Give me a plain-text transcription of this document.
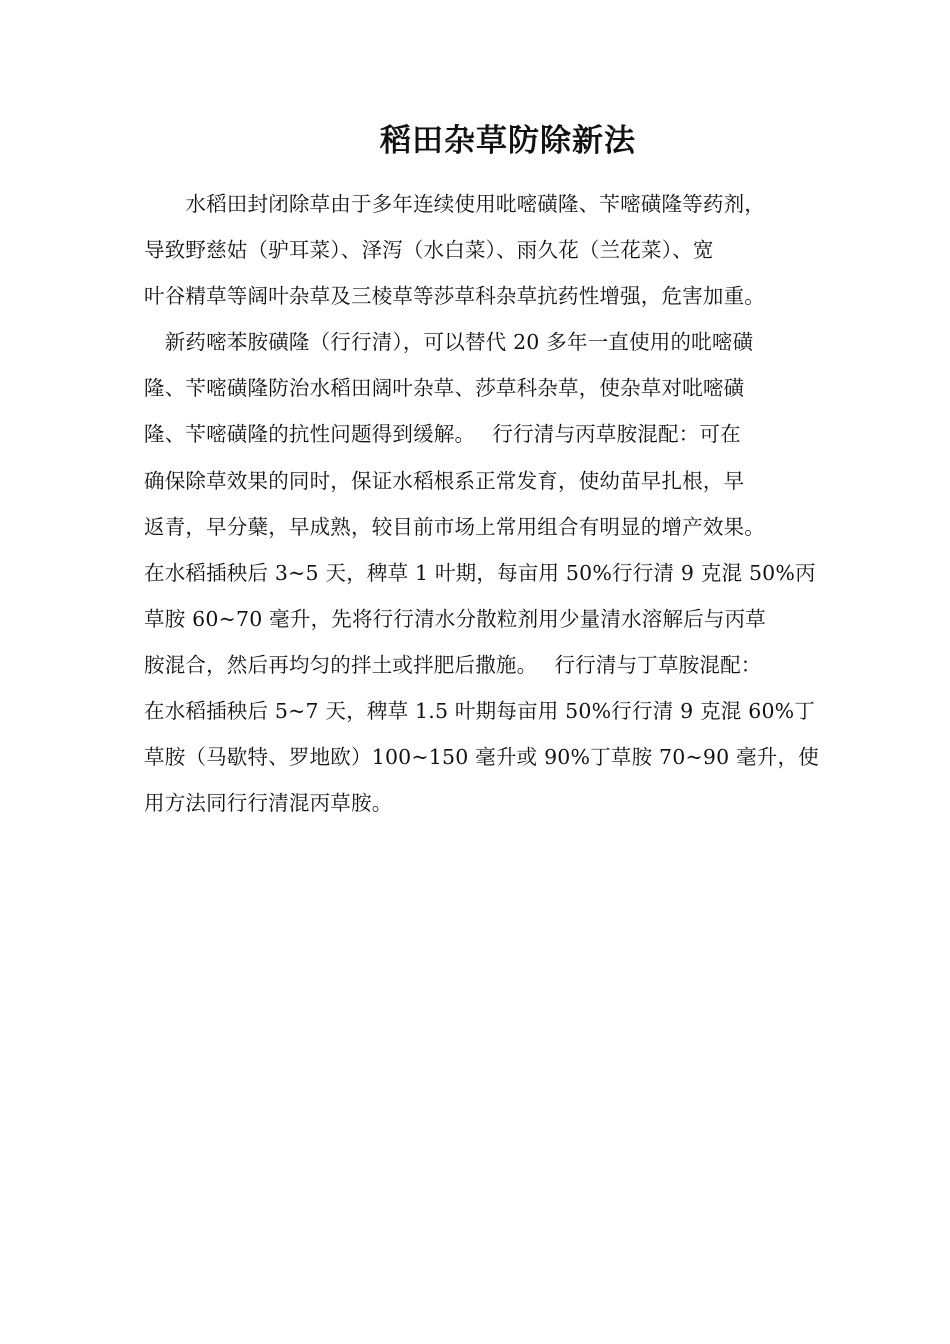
稻田杂草防除新法
　　水稻田封闭除草由于多年连续使用吡嘧磺隆、苄嘧磺隆等药剂，
导致野慈姑（驴耳菜）、泽泻（水白菜）、雨久花（兰花菜）、宽
叶谷精草等阔叶杂草及三棱草等莎草科杂草抗药性增强，危害加重。
　新药嘧苯胺磺隆（行行清），可以替代 20 多年一直使用的吡嘧磺
隆、苄嘧磺隆防治水稻田阔叶杂草、莎草科杂草，使杂草对吡嘧磺
隆、苄嘧磺隆的抗性问题得到缓解。　 行行清与丙草胺混配：可在
确保除草效果的同时，保证水稻根系正常发育，使幼苗早扎根，早
返青，早分蘖，早成熟，较目前市场上常用组合有明显的增产效果。
在水稻插秧后 3~5 天，稗草 1 叶期，每亩用 50%行行清 9 克混 50%丙
草胺 60~70 毫升，先将行行清水分散粒剂用少量清水溶解后与丙草
胺混合，然后再均匀的拌土或拌肥后撒施。　 行行清与丁草胺混配：
在水稻插秧后 5~7 天，稗草 1.5 叶期每亩用 50%行行清 9 克混 60%丁
草胺（马歇特、罗地欧）100~150 毫升或 90%丁草胺 70~90 毫升，使
用方法同行行清混丙草胺。
